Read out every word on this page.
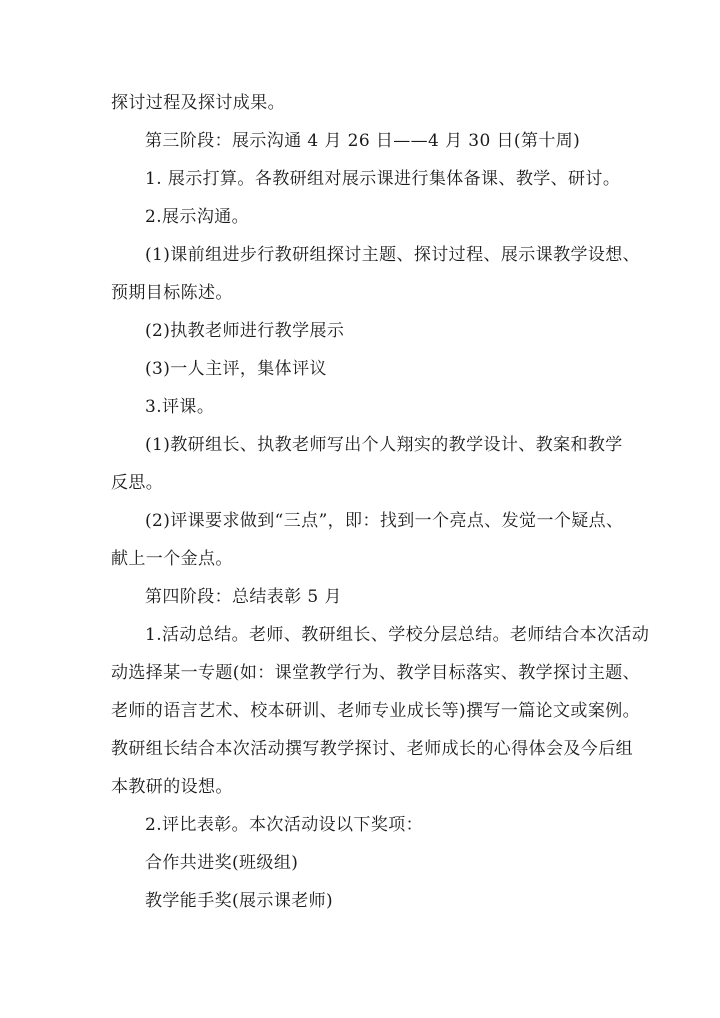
探讨过程及探讨成果。
第三阶段：展示沟通 4 月 26 日——4 月 30 日(第十周)
1. 展示打算。各教研组对展示课进行集体备课、教学、研讨。
2.展示沟通。
(1)课前组进步行教研组探讨主题、探讨过程、展示课教学设想、
预期目标陈述。
(2)执教老师进行教学展示
(3)一人主评，集体评议
3.评课。
(1)教研组长、执教老师写出个人翔实的教学设计、教案和教学
反思。
(2)评课要求做到“三点”，即：找到一个亮点、发觉一个疑点、
献上一个金点。
第四阶段：总结表彰 5 月
1.活动总结。老师、教研组长、学校分层总结。老师结合本次活动
动选择某一专题(如：课堂教学行为、教学目标落实、教学探讨主题、
老师的语言艺术、校本研训、老师专业成长等)撰写一篇论文或案例。
教研组长结合本次活动撰写教学探讨、老师成长的心得体会及今后组
本教研的设想。
2.评比表彰。本次活动设以下奖项：
合作共进奖(班级组)
教学能手奖(展示课老师)
